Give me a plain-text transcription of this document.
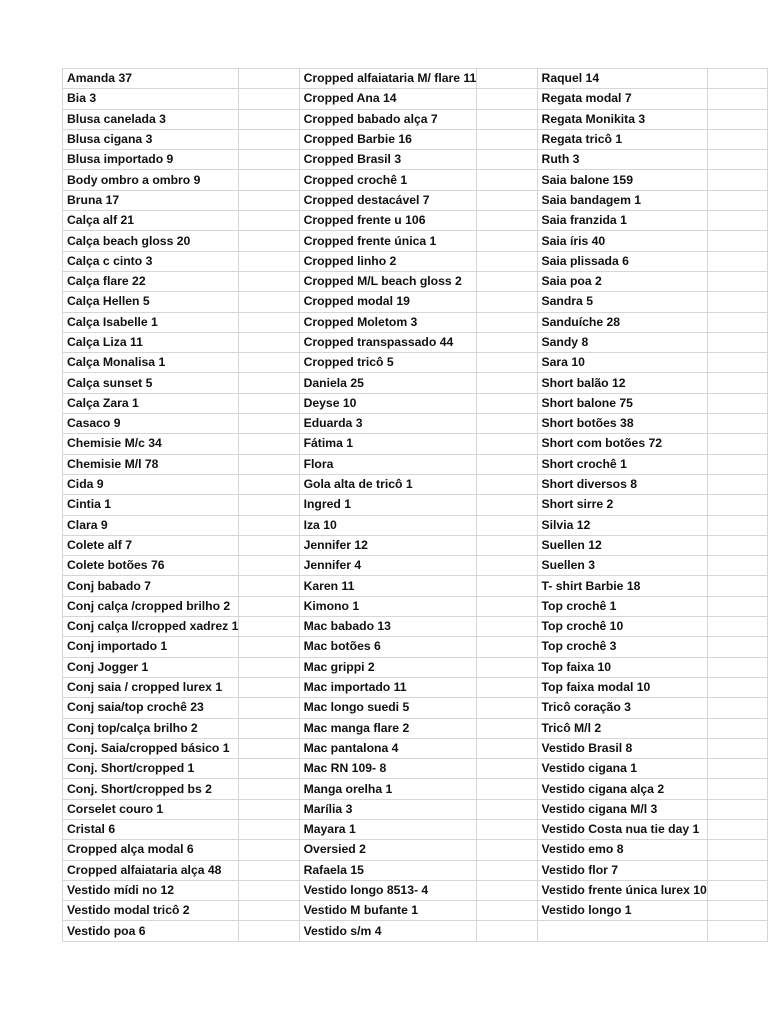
Amanda 37		Cropped alfaiataria M/ flare 11		Raquel 14	
Bia 3		Cropped Ana 14		Regata modal 7	
Blusa canelada 3		Cropped babado alça 7		Regata Monikita 3	
Blusa cigana 3		Cropped Barbie 16		Regata tricô 1	
Blusa importado 9		Cropped Brasil 3		Ruth 3	
Body ombro a ombro 9		Cropped crochê 1		Saia balone 159	
Bruna 17		Cropped destacável 7		Saia bandagem 1	
Calça alf 21		Cropped frente u 106		Saia franzida 1	
Calça beach gloss 20		Cropped frente única 1		Saia íris 40	
Calça c cinto 3		Cropped linho 2		Saia plissada 6	
Calça flare 22		Cropped M/L beach gloss 2		Saia poa 2	
Calça Hellen 5		Cropped modal 19		Sandra 5	
Calça Isabelle 1		Cropped Moletom 3		Sanduíche 28	
Calça Liza 11		Cropped transpassado 44		Sandy 8	
Calça Monalisa 1		Cropped tricô 5		Sara 10	
Calça sunset 5		Daniela 25		Short balão 12	
Calça Zara 1		Deyse 10		Short balone 75	
Casaco 9		Eduarda 3		Short botões 38	
Chemisie M/c 34		Fátima 1		Short com botões 72	
Chemisie M/l 78		Flora		Short crochê 1	
Cida 9		Gola alta de tricô 1		Short diversos 8	
Cintia 1		Ingred 1		Short sirre 2	
Clara 9		Iza 10		Silvia 12	
Colete alf 7		Jennifer 12		Suellen 12	
Colete botões 76		Jennifer 4		Suellen 3	
Conj babado 7		Karen 11		T- shirt Barbie 18	
Conj calça /cropped brilho 2		Kimono 1		Top crochê 1	
Conj calça l/cropped xadrez 1		Mac babado 13		Top crochê 10	
Conj importado 1		Mac botões 6		Top crochê 3	
Conj Jogger 1		Mac grippi 2		Top faixa 10	
Conj saia / cropped lurex 1		Mac importado 11		Top faixa modal 10	
Conj saia/top crochê 23		Mac longo suedi 5		Tricô coração 3	
Conj top/calça brilho 2		Mac manga flare 2		Tricô M/l 2	
Conj. Saia/cropped básico 1		Mac pantalona 4		Vestido Brasil 8	
Conj. Short/cropped 1		Mac RN 109- 8		Vestido cigana 1	
Conj. Short/cropped bs 2		Manga orelha 1		Vestido cigana alça 2	
Corselet couro 1		Marília 3		Vestido cigana M/l 3	
Cristal 6		Mayara 1		Vestido Costa nua tie day 1	
Cropped alça modal 6		Oversied 2		Vestido emo 8	
Cropped alfaiataria alça 48		Rafaela 15		Vestido flor 7	
Vestido mídi no 12		Vestido longo 8513- 4		Vestido frente única lurex 10	
Vestido modal tricô 2		Vestido M bufante 1		Vestido longo 1	
Vestido poa 6		Vestido s/m 4			
